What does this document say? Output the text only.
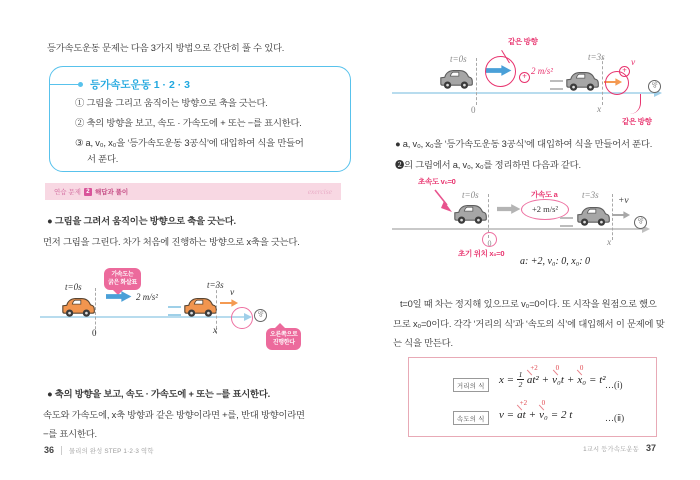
등가속도운동 문제는 다음 3가지 방법으로 간단히 풀 수 있다.

등가속도운동 1 · 2 · 3

① 그림을 그리고 움직이는 방향으로 축을 긋는다.

② 축의 방향을 보고, 속도 · 가속도에 + 또는 −를 표시한다.

③ a, v₀, x₀을 ‘등가속도운동 3공식’에 대입하여 식을 만들어

서 푼다.

연습 문제 2 해답과 풀이	exercise

● 그림을 그려서 움직이는 방향으로 축을 긋는다.

먼저 그림을 그린다. 차가 처음에 진행하는 방향으로 x축을 긋는다.

가속도는
굵은 화살표
t=0s
2 m/s²
t=3s
v
양
오른쪽으로
진행한다
0	x

● 축의 방향을 보고, 속도 · 가속도에 + 또는 −를 표시한다.

속도와 가속도에, x축 방향과 같은 방향이라면 +를, 반대 방향이라면

−를 표시한다.

36	물리의 완성 STEP 1·2·3 역학
같은 방향
t=0s
0
+
2 m/s²
t=3s
x
+
v
양
같은 방향

● a, v₀, x₀을 ‘등가속도운동 3공식’에 대입하여 식을 만들어서 푼다.

❷의 그림에서 a, v₀, x₀를 정리하면 다음과 같다.

초속도 v₀=0
t=0s
0
초기 위치 x₀=0
가속도 a
+2 m/s²
t=3s
x
+v
양
a: +2, v₀: 0, x₀: 0

t=0일 때 차는 정지해 있으므로 v₀=0이다. 또 시작을 원점으로 했으

므로 x₀=0이다. 각각 ‘거리의 식’과 ‘속도의 식’에 대입해서 이 문제에 맞

는 식을 만든다.

거리의 식
$x = \frac{1}{2}$
+2
at² +
0
v₀t +
0
x₀ = t² …(ⅰ)
속도의 식	v =
+2
at +
0
v₀ = 2 t	…(ⅱ)
1교시 등가속도운동 37
